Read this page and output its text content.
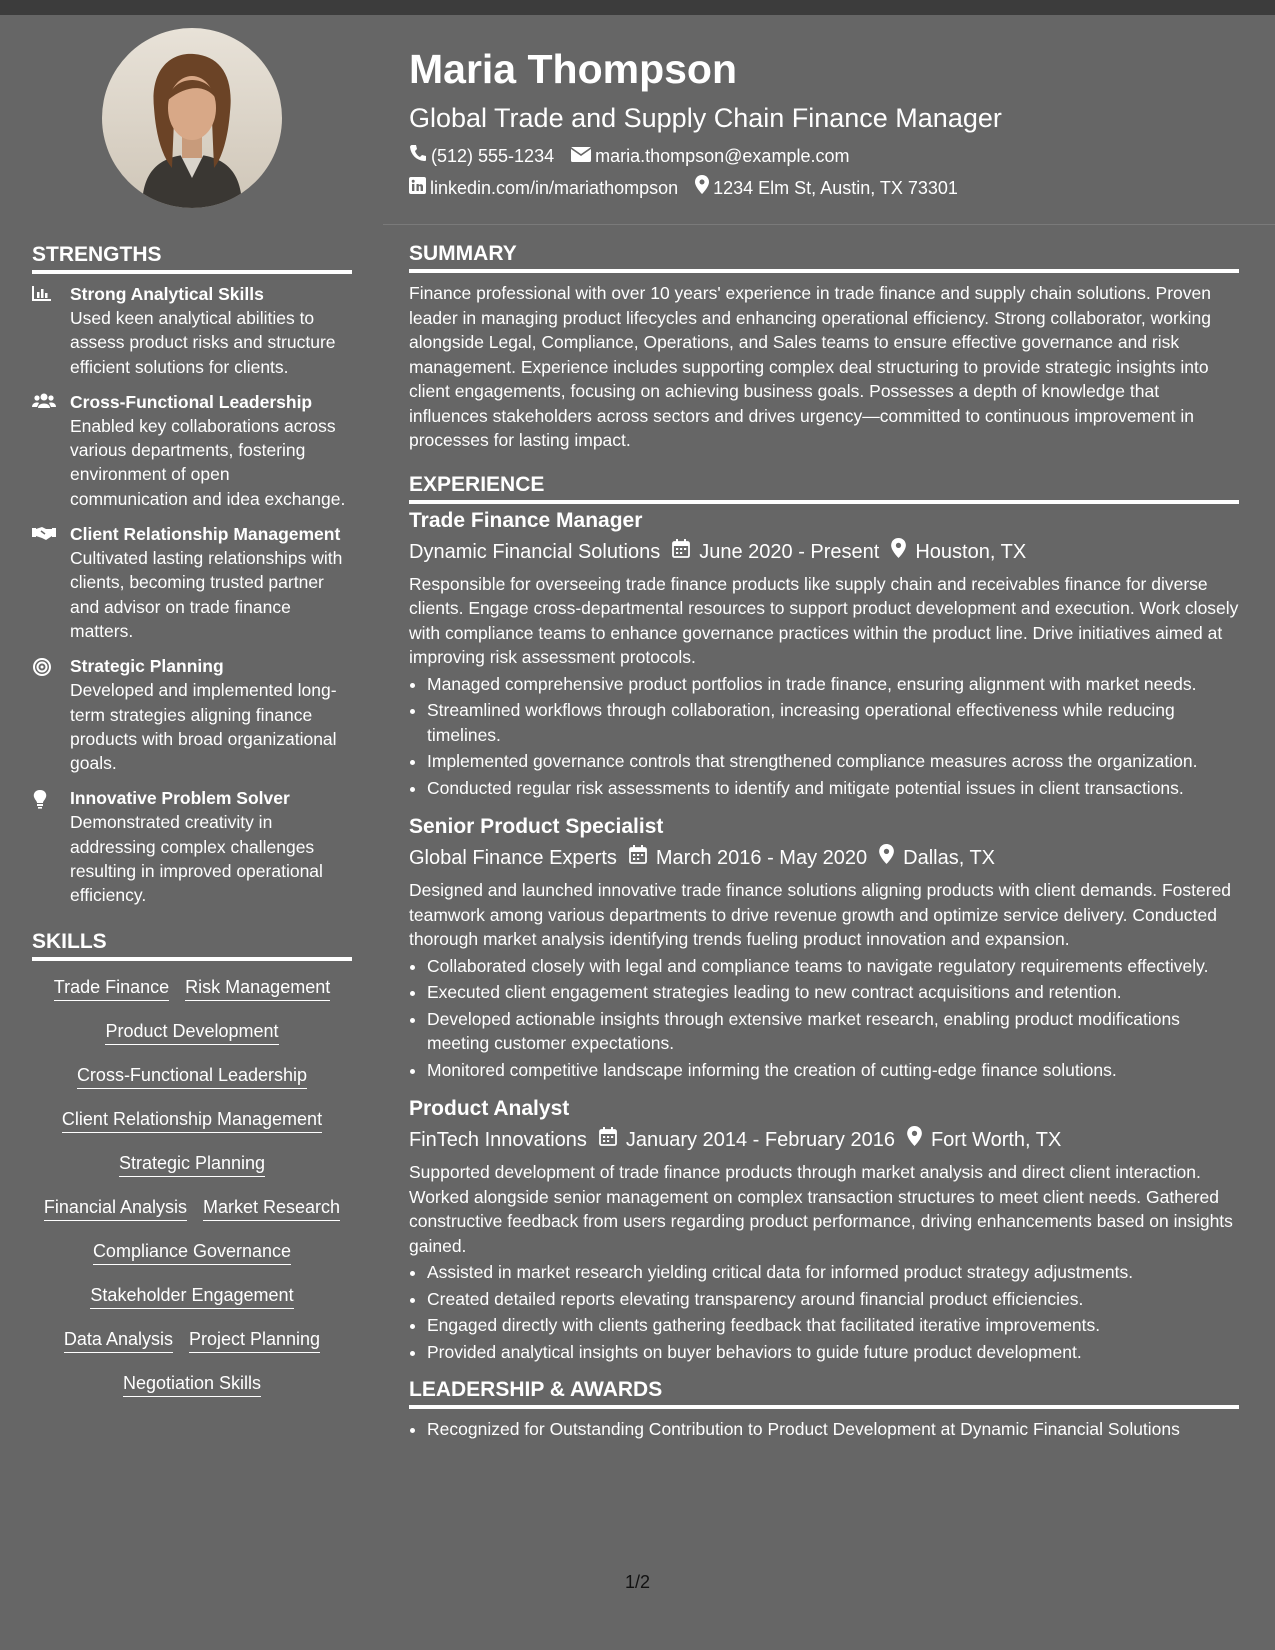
STRENGTHS
Strong Analytical Skills
Used keen analytical abilities to assess product risks and structure efficient solutions for clients.
Cross-Functional Leadership
Enabled key collaborations across various departments, fostering environment of open communication and idea exchange.
Client Relationship Management
Cultivated lasting relationships with clients, becoming trusted partner and advisor on trade finance matters.
Strategic Planning
Developed and implemented long-term strategies aligning finance products with broad organizational goals.
Innovative Problem Solver
Demonstrated creativity in addressing complex challenges resulting in improved operational efficiency.
SKILLS
Trade Finance Risk Management
Product Development
Cross-Functional Leadership
Client Relationship Management
Strategic Planning
Financial Analysis Market Research
Compliance Governance
Stakeholder Engagement
Data Analysis Project Planning
Negotiation Skills
Maria Thompson
Global Trade and Supply Chain Finance Manager
(512) 555-1234 maria.thompson@example.com
linkedin.com/in/mariathompson 1234 Elm St, Austin, TX 73301
SUMMARY

Finance professional with over 10 years' experience in trade finance and supply chain solutions. Proven leader in managing product lifecycles and enhancing operational efficiency. Strong collaborator, working alongside Legal, Compliance, Operations, and Sales teams to ensure effective governance and risk management. Experience includes supporting complex deal structuring to provide strategic insights into client engagements, focusing on achieving business goals. Possesses a depth of knowledge that influences stakeholders across sectors and drives urgency—committed to continuous improvement in processes for lasting impact.

EXPERIENCE
Trade Finance Manager
Dynamic Financial Solutions June 2020 - Present Houston, TX

Responsible for overseeing trade finance products like supply chain and receivables finance for diverse clients. Engage cross-departmental resources to support product development and execution. Work closely with compliance teams to enhance governance practices within the product line. Drive initiatives aimed at improving risk assessment protocols.

• Managed comprehensive product portfolios in trade finance, ensuring alignment with market needs.
• Streamlined workflows through collaboration, increasing operational effectiveness while reducing timelines.
• Implemented governance controls that strengthened compliance measures across the organization.
• Conducted regular risk assessments to identify and mitigate potential issues in client transactions.
Senior Product Specialist
Global Finance Experts March 2016 - May 2020 Dallas, TX

Designed and launched innovative trade finance solutions aligning products with client demands. Fostered teamwork among various departments to drive revenue growth and optimize service delivery. Conducted thorough market analysis identifying trends fueling product innovation and expansion.

• Collaborated closely with legal and compliance teams to navigate regulatory requirements effectively.
• Executed client engagement strategies leading to new contract acquisitions and retention.
• Developed actionable insights through extensive market research, enabling product modifications meeting customer expectations.
• Monitored competitive landscape informing the creation of cutting-edge finance solutions.
Product Analyst
FinTech Innovations January 2014 - February 2016 Fort Worth, TX

Supported development of trade finance products through market analysis and direct client interaction. Worked alongside senior management on complex transaction structures to meet client needs. Gathered constructive feedback from users regarding product performance, driving enhancements based on insights gained.

• Assisted in market research yielding critical data for informed product strategy adjustments.
• Created detailed reports elevating transparency around financial product efficiencies.
• Engaged directly with clients gathering feedback that facilitated iterative improvements.
• Provided analytical insights on buyer behaviors to guide future product development.
LEADERSHIP & AWARDS
• Recognized for Outstanding Contribution to Product Development at Dynamic Financial Solutions
1/2
